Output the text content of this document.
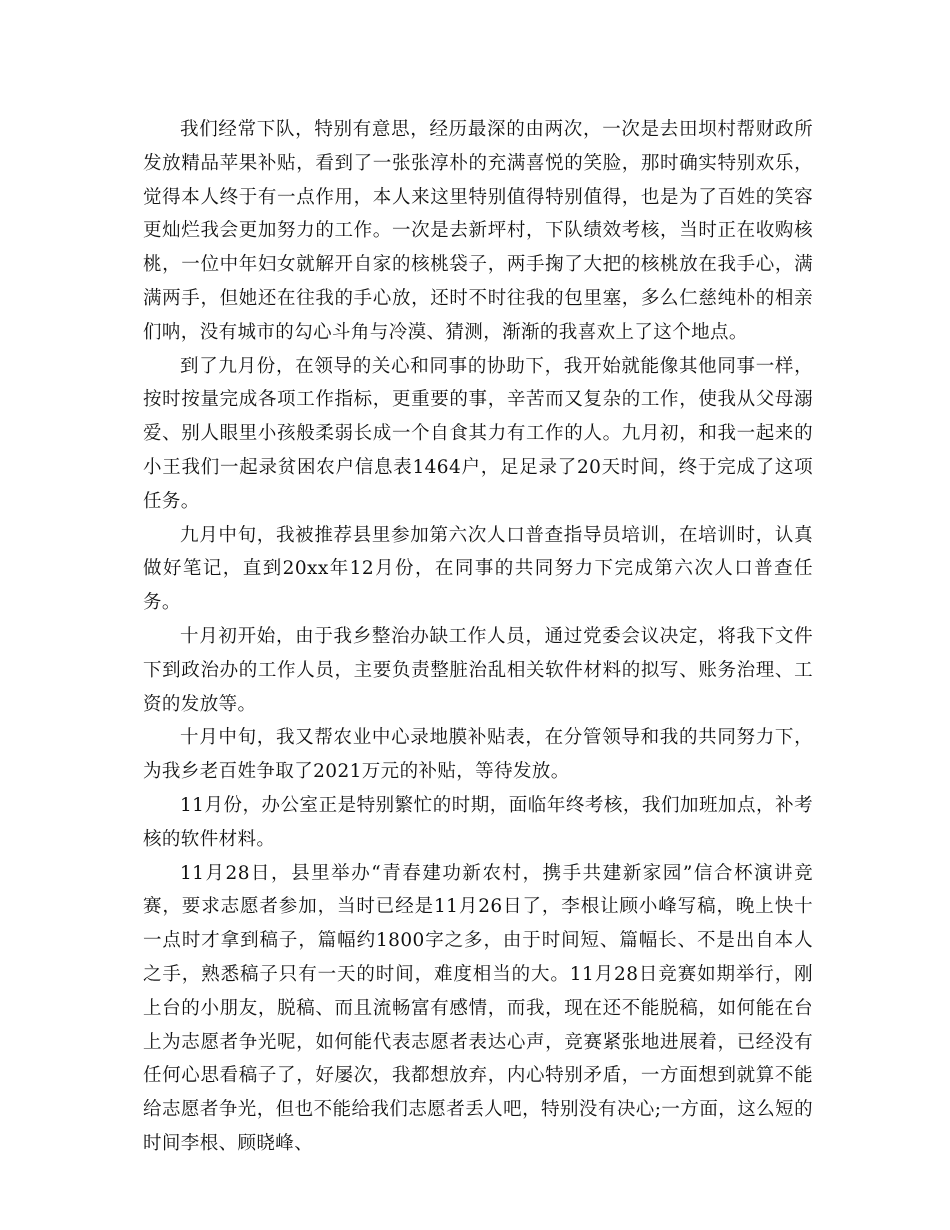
我们经常下队，特别有意思，经历最深的由两次，一次是去田坝村帮财政所发放精品苹果补贴，看到了一张张淳朴的充满喜悦的笑脸，那时确实特别欢乐，觉得本人终于有一点作用，本人来这里特别值得特别值得，也是为了百姓的笑容更灿烂我会更加努力的工作。一次是去新坪村，下队绩效考核，当时正在收购核桃，一位中年妇女就解开自家的核桃袋子，两手掬了大把的核桃放在我手心，满满两手，但她还在往我的手心放，还时不时往我的包里塞，多么仁慈纯朴的相亲们呐，没有城市的勾心斗角与冷漠、猜测，渐渐的我喜欢上了这个地点。

到了九月份，在领导的关心和同事的协助下，我开始就能像其他同事一样，按时按量完成各项工作指标，更重要的事，辛苦而又复杂的工作，使我从父母溺爱、别人眼里小孩般柔弱长成一个自食其力有工作的人。九月初，和我一起来的小王我们一起录贫困农户信息表1464户，足足录了20天时间，终于完成了这项任务。

九月中旬，我被推荐县里参加第六次人口普查指导员培训，在培训时，认真做好笔记，直到20xx年12月份，在同事的共同努力下完成第六次人口普查任务。

十月初开始，由于我乡整治办缺工作人员，通过党委会议决定，将我下文件下到政治办的工作人员，主要负责整脏治乱相关软件材料的拟写、账务治理、工资的发放等。

十月中旬，我又帮农业中心录地膜补贴表，在分管领导和我的共同努力下，为我乡老百姓争取了2021万元的补贴，等待发放。

11月份，办公室正是特别繁忙的时期，面临年终考核，我们加班加点，补考核的软件材料。

11月28日，县里举办“青春建功新农村，携手共建新家园”信合杯演讲竞赛，要求志愿者参加，当时已经是11月26日了，李根让顾小峰写稿，晚上快十一点时才拿到稿子，篇幅约1800字之多，由于时间短、篇幅长、不是出自本人之手，熟悉稿子只有一天的时间，难度相当的大。11月28日竞赛如期举行，刚上台的小朋友，脱稿、而且流畅富有感情，而我，现在还不能脱稿，如何能在台上为志愿者争光呢，如何能代表志愿者表达心声，竞赛紧张地进展着，已经没有任何心思看稿子了，好屡次，我都想放弃，内心特别矛盾，一方面想到就算不能给志愿者争光，但也不能给我们志愿者丢人吧，特别没有决心;一方面，这么短的时间李根、顾晓峰、
